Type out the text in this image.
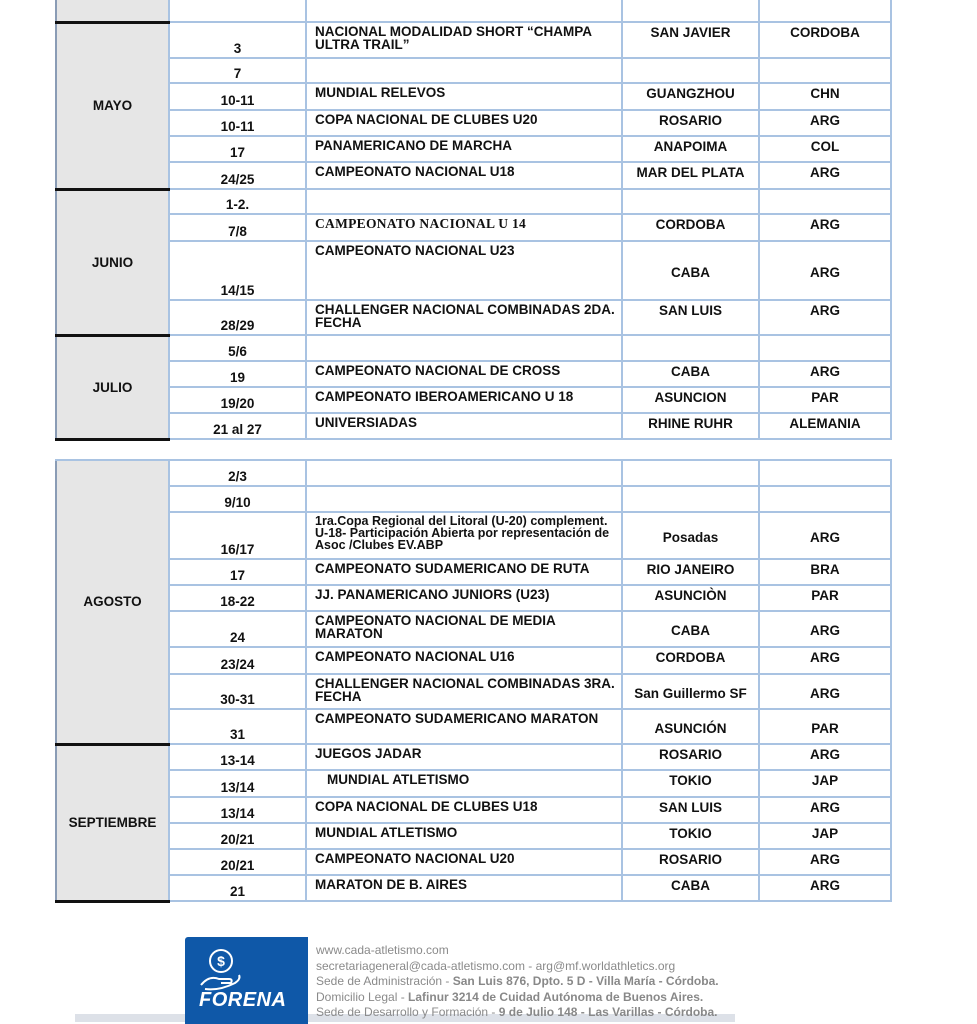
MAYO	3	NACIONAL MODALIDAD SHORT “CHAMPA ULTRA TRAIL”	SAN JAVIER	CORDOBA
	7			
	10-11	MUNDIAL RELEVOS	GUANGZHOU	CHN
	10-11	COPA NACIONAL DE CLUBES U20	ROSARIO	ARG
	17	PANAMERICANO DE MARCHA	ANAPOIMA	COL
	24/25	CAMPEONATO NACIONAL U18	MAR DEL PLATA	ARG
JUNIO	1-2.			
	7/8	CAMPEONATO NACIONAL U 14	CORDOBA	ARG
	14/15	CAMPEONATO NACIONAL U23	CABA	ARG
	28/29	CHALLENGER NACIONAL COMBINADAS 2DA. FECHA	SAN LUIS	ARG
JULIO	5/6			
	19	CAMPEONATO NACIONAL DE CROSS	CABA	ARG
	19/20	CAMPEONATO IBEROAMERICANO U 18	ASUNCION	PAR
	21 al 27	UNIVERSIADAS	RHINE RUHR	ALEMANIA
AGOSTO	2/3			
	9/10			
	16/17	1ra.Copa Regional del Litoral (U-20) complement. U-18- Participación Abierta por representación de Asoc /Clubes EV.ABP	Posadas	ARG
	17	CAMPEONATO SUDAMERICANO DE RUTA	RIO JANEIRO	BRA
	18-22	JJ. PANAMERICANO JUNIORS (U23)	ASUNCIÒN	PAR
	24	CAMPEONATO NACIONAL DE MEDIA MARATON	CABA	ARG
	23/24	CAMPEONATO NACIONAL U16	CORDOBA	ARG
	30-31	CHALLENGER NACIONAL COMBINADAS 3RA. FECHA	San Guillermo SF	ARG
	31	CAMPEONATO SUDAMERICANO MARATON	ASUNCIÓN	PAR
SEPTIEMBRE	13-14	JUEGOS JADAR	ROSARIO	ARG
	13/14	MUNDIAL ATLETISMO	TOKIO	JAP
	13/14	COPA NACIONAL DE CLUBES U18	SAN LUIS	ARG
	20/21	MUNDIAL ATLETISMO	TOKIO	JAP
	20/21	CAMPEONATO NACIONAL U20	ROSARIO	ARG
	21	MARATON DE B. AIRES	CABA	ARG
$
FORENA
www.cada-atletismo.com
secretariageneral@cada-atletismo.com - arg@mf.worldathletics.org
Sede de Administración - San Luis 876, Dpto. 5 D - Villa María - Córdoba.
Domicilio Legal - Lafinur 3214 de Cuidad Autónoma de Buenos Aires.
Sede de Desarrollo y Formación - 9 de Julio 148 - Las Varillas - Córdoba.
